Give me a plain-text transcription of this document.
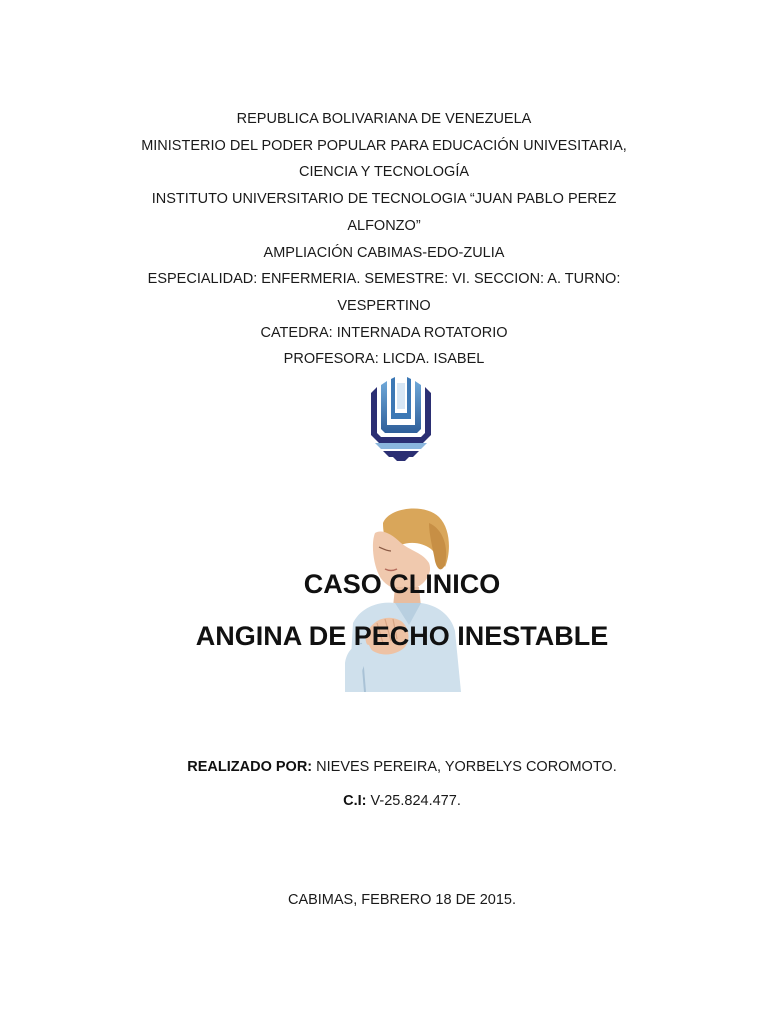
REPUBLICA BOLIVARIANA DE VENEZUELA
MINISTERIO DEL PODER POPULAR PARA EDUCACIÓN UNIVESITARIA,
CIENCIA Y TECNOLOGÍA
INSTITUTO UNIVERSITARIO DE TECNOLOGIA “JUAN PABLO PEREZ
ALFONZO”
AMPLIACIÓN CABIMAS-EDO-ZULIA
ESPECIALIDAD: ENFERMERIA. SEMESTRE: VI. SECCION: A. TURNO:
VESPERTINO
CATEDRA: INTERNADA ROTATORIO
PROFESORA: LICDA. ISABEL
CASO CLINICO
ANGINA DE PECHO INESTABLE
REALIZADO POR: NIEVES PEREIRA, YORBELYS COROMOTO.
C.I: V-25.824.477.
CABIMAS, FEBRERO 18 DE 2015.
